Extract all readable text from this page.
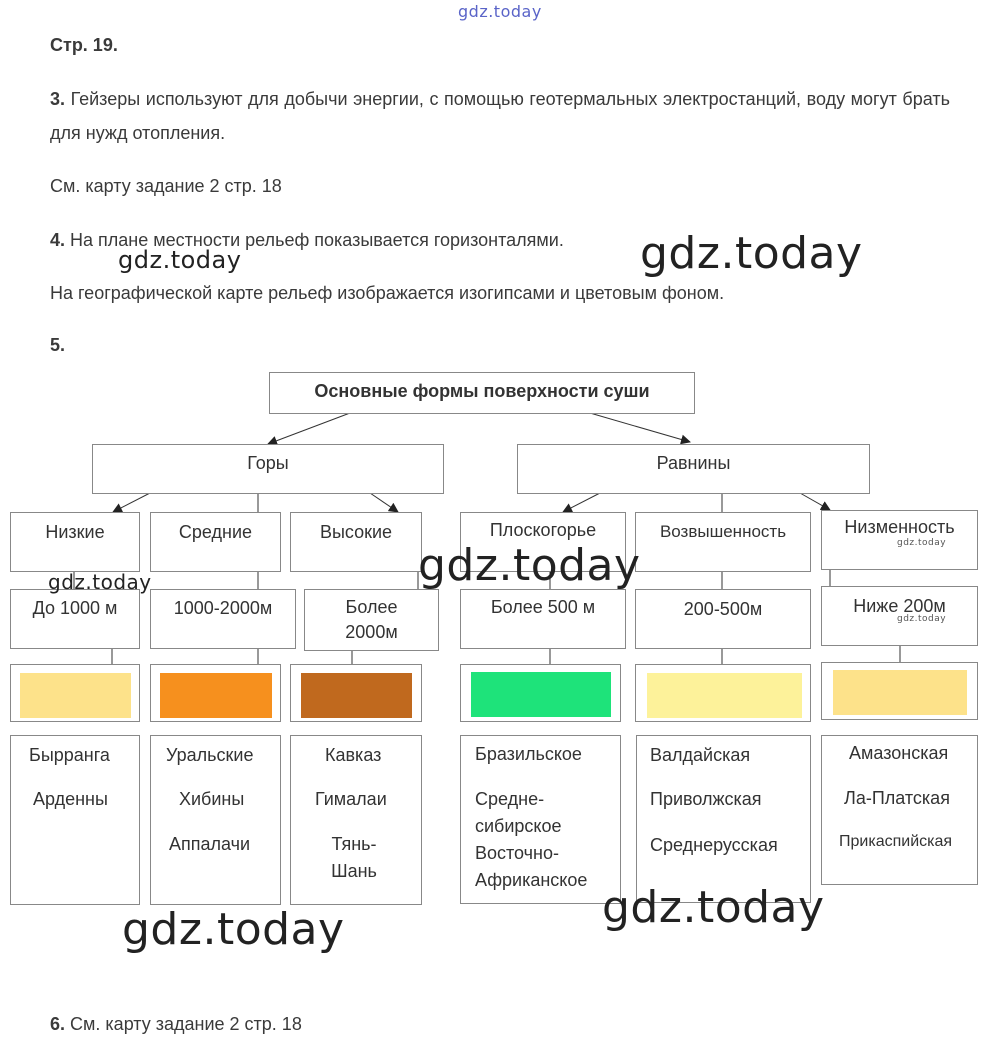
gdz.today
Стр. 19.
3. Гейзеры используют для добычи энергии, с помощью геотермальных электростанций, воду могут брать для нужд отопления.
См. карту задание 2 стр. 18
4. На плане местности рельеф показывается горизонталями.
На географической карте рельеф изображается изогипсами и цветовым фоном.
5.
Основные формы поверхности суши
Горы	Равнины
Низкие	Средние	Высокие	Плоскогорье	Возвышенность	Низменность
До 1000 м	1000-2000м	Более 2000м
Более 500 м	200-500м	Ниже 200м
Бырранга
Арденны
Уральские
Хибины
Аппалачи
Кавказ
Гималаи
Тянь-Шань
Бразильское
Средне-сибирское
Восточно-Африканское
Валдайская
Приволжская
Среднерусская
Амазонская
Ла-Платская
Прикаспийская
6. См. карту задание 2 стр. 18
gdz.today	gdz.today
gdz.today
gdz.today
gdz.today	gdz.today
gdz.today
gdz.today
